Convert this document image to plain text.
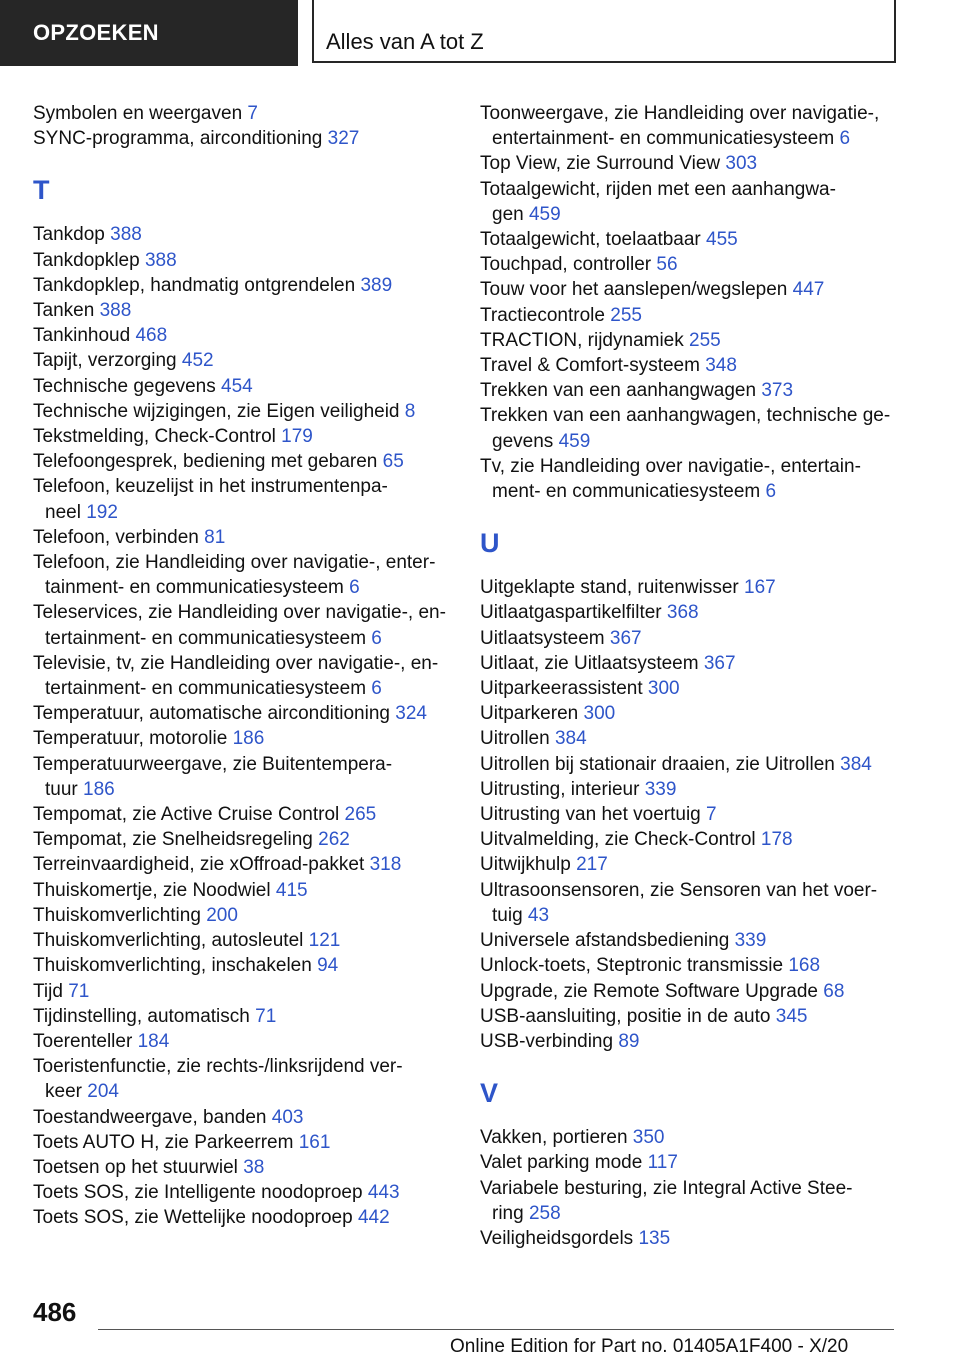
OPZOEKEN	Alles van A tot Z
Symbolen en weergaven 7
SYNC-programma, airconditioning 327
T
Tankdop 388
Tankdopklep 388
Tankdopklep, handmatig ontgrendelen 389
Tanken 388
Tankinhoud 468
Tapijt, verzorging 452
Technische gegevens 454
Technische wijzigingen, zie Eigen veiligheid 8
Tekstmelding, Check-Control 179
Telefoongesprek, bediening met gebaren 65
Telefoon, keuzelijst in het instrumentenpa-
neel 192
Telefoon, verbinden 81
Telefoon, zie Handleiding over navigatie-, enter-
tainment- en communicatiesysteem 6
Teleservices, zie Handleiding over navigatie-, en-
tertainment- en communicatiesysteem 6
Televisie, tv, zie Handleiding over navigatie-, en-
tertainment- en communicatiesysteem 6
Temperatuur, automatische airconditioning 324
Temperatuur, motorolie 186
Temperatuurweergave, zie Buitentempera-
tuur 186
Tempomat, zie Active Cruise Control 265
Tempomat, zie Snelheidsregeling 262
Terreinvaardigheid, zie xOffroad-pakket 318
Thuiskomertje, zie Noodwiel 415
Thuiskomverlichting 200
Thuiskomverlichting, autosleutel 121
Thuiskomverlichting, inschakelen 94
Tijd 71
Tijdinstelling, automatisch 71
Toerenteller 184
Toeristenfunctie, zie rechts-/linksrijdend ver-
keer 204
Toestandweergave, banden 403
Toets AUTO H, zie Parkeerrem 161
Toetsen op het stuurwiel 38
Toets SOS, zie Intelligente noodoproep 443
Toets SOS, zie Wettelijke noodoproep 442
Toonweergave, zie Handleiding over navigatie-,
entertainment- en communicatiesysteem 6
Top View, zie Surround View 303
Totaalgewicht, rijden met een aanhangwa-
gen 459
Totaalgewicht, toelaatbaar 455
Touchpad, controller 56
Touw voor het aanslepen/wegslepen 447
Tractiecontrole 255
TRACTION, rijdynamiek 255
Travel & Comfort-systeem 348
Trekken van een aanhangwagen 373
Trekken van een aanhangwagen, technische ge-
gevens 459
Tv, zie Handleiding over navigatie-, entertain-
ment- en communicatiesysteem 6
U
Uitgeklapte stand, ruitenwisser 167
Uitlaatgaspartikelfilter 368
Uitlaatsysteem 367
Uitlaat, zie Uitlaatsysteem 367
Uitparkeerassistent 300
Uitparkeren 300
Uitrollen 384
Uitrollen bij stationair draaien, zie Uitrollen 384
Uitrusting, interieur 339
Uitrusting van het voertuig 7
Uitvalmelding, zie Check-Control 178
Uitwijkhulp 217
Ultrasoonsensoren, zie Sensoren van het voer-
tuig 43
Universele afstandsbediening 339
Unlock-toets, Steptronic transmissie 168
Upgrade, zie Remote Software Upgrade 68
USB-aansluiting, positie in de auto 345
USB-verbinding 89
V
Vakken, portieren 350
Valet parking mode 117
Variabele besturing, zie Integral Active Stee-
ring 258
Veiligheidsgordels 135
486
Online Edition for Part no. 01405A1F400 - X/20
